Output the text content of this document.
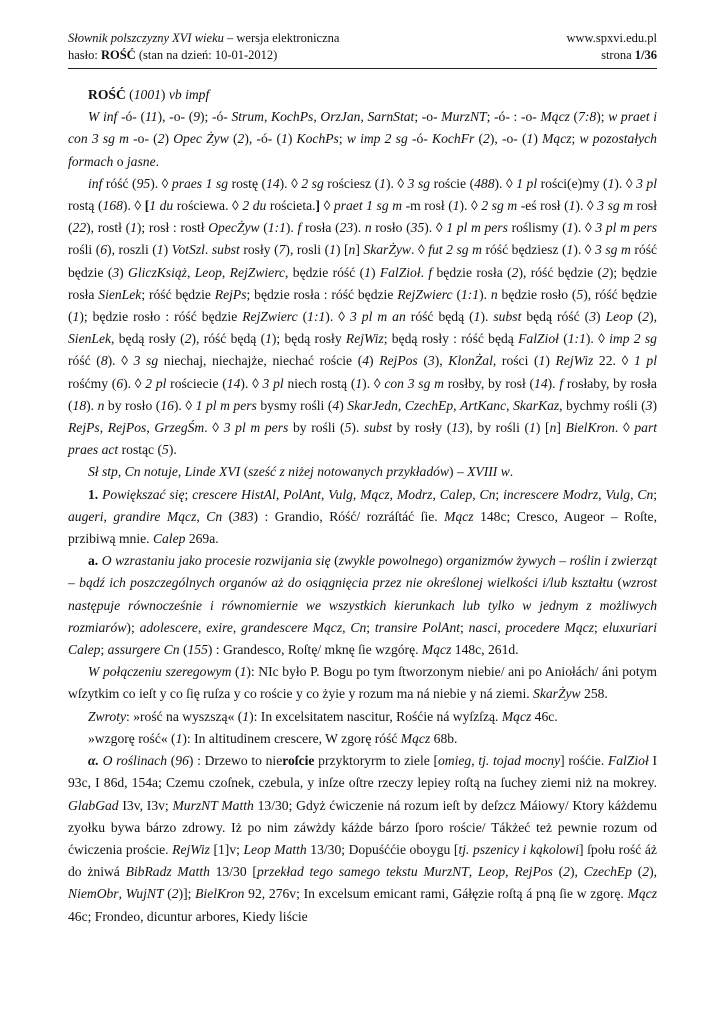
Słownik polszczyzny XVI wieku – wersja elektroniczna	www.spxvi.edu.pl
hasło: ROŚĆ (stan na dzień: 10-01-2012)	strona 1/36

ROŚĆ (1001) vb impf

W inf -ó- (11), -o- (9); -ó- Strum, KochPs, OrzJan, SarnStat; -o- MurzNT; -ó- : -o- Mącz (7:8); w praet i con 3 sg m -o- (2) Opec Żyw (2), -ó- (1) KochPs; w imp 2 sg -ó- KochFr (2), -o- (1) Mącz; w pozostałych formach o jasne.

inf róść (95). ◊ praes 1 sg rostę (14). ◊ 2 sg rościesz (1). ◊ 3 sg roście (488). ◊ 1 pl rości(e)my (1). ◊ 3 pl rostą (168). ◊ [1 du rościewa. ◊ 2 du rościeta.] ◊ praet 1 sg m -m rosł (1). ◊ 2 sg m -eś rosł (1). ◊ 3 sg m rosł (22), rostł (1); rosł : rostł OpecŻyw (1:1). f rosła (23). n rosło (35). ◊ 1 pl m pers roślismy (1). ◊ 3 pl m pers rośli (6), roszli (1) VotSzl. subst rosły (7), rosli (1) [n] SkarŻyw. ◊ fut 2 sg m róść będziesz (1). ◊ 3 sg m róść będzie (3) GliczKsiąż, Leop, RejZwierc, będzie róść (1) FalZioł. f będzie rosła (2), róść będzie (2); będzie rosła SienLek; róść będzie RejPs; będzie rosła : róść będzie RejZwierc (1:1). n będzie rosło (5), róść będzie (1); będzie rosło : róść będzie RejZwierc (1:1). ◊ 3 pl m an róść będą (1). subst będą róść (3) Leop (2), SienLek, będą rosły (2), róść będą (1); będą rosły RejWiz; będą rosły : róść będą FalZioł (1:1). ◊ imp 2 sg róść (8). ◊ 3 sg niechaj, niechajże, niechać roście (4) RejPos (3), KlonŻal, rości (1) RejWiz 22. ◊ 1 pl rośćmy (6). ◊ 2 pl rościecie (14). ◊ 3 pl niech rostą (1). ◊ con 3 sg m rosłby, by rosł (14). f rosłaby, by rosła (18). n by rosło (16). ◊ 1 pl m pers bysmy rośli (4) SkarJedn, CzechEp, ArtKanc, SkarKaz, bychmy rośli (3) RejPs, RejPos, GrzegŚm. ◊ 3 pl m pers by rośli (5). subst by rosły (13), by rośli (1) [n] BielKron. ◊ part praes act rostąc (5).

Sł stp, Cn notuje, Linde XVI (sześć z niżej notowanych przykładów) – XVIII w.

1. Powiększać się; crescere HistAl, PolAnt, Vulg, Mącz, Modrz, Calep, Cn; increscere Modrz, Vulg, Cn; augeri, grandire Mącz, Cn (383) : Grandio, Róść/ rozráſtáć ſie. Mącz 148c; Cresco, Augeor – Roſte, przibiwą mnie. Calep 269a.

a. O wzrastaniu jako procesie rozwijania się (zwykle powolnego) organizmów żywych – roślin i zwierząt – bądź ich poszczególnych organów aż do osiągnięcia przez nie określonej wielkości i/lub kształtu (wzrost następuje równocześnie i równomiernie we wszystkich kierunkach lub tylko w jednym z możliwych rozmiarów); adolescere, exire, grandescere Mącz, Cn; transire PolAnt; nasci, procedere Mącz; eluxuriari Calep; assurgere Cn (155) : Grandesco, Roſtę/ mknę ſie wzgórę. Mącz 148c, 261d.

W połączeniu szeregowym (1): NIc było P. Bogu po tym ſtworzonym niebie/ ani po Aniołách/ áni potym wſzytkim co ieſt y co ſię ruſza y co roście y co żyie y rozum ma ná niebie y ná ziemi. SkarŻyw 258.

Zwroty: »rość na wyszszą« (1): In excelsitatem nascitur, Rośćie ná wyſzſzą. Mącz 46c.

»wzgorę rość« (1): In altitudinem crescere, W zgorę róść Mącz 68b.

α. O roślinach (96) : Drzewo to nieroſcie przyktoryrm to ziele [omieg, tj. tojad mocny] rośćie. FalZioł I 93c, I 86d, 154a; Czemu czoſnek, czebula, y inſze oſtre rzeczy lepiey roſtą na ſuchey ziemi niż na mokrey. GlabGad I3v, I3v; MurzNT Matth 13/30; Gdyż ćwiczenie ná rozum ieſt by deſzcz Máiowy/ Ktory káżdemu zyołku bywa bárzo zdrowy. Iż po nim záwżdy káżde bárzo ſporo roście/ Tákżeć też pewnie rozum od ćwiczenia proście. RejWiz [1]v; Leop Matth 13/30; Dopuśććie oboygu [tj. pszenicy i kąkolowi] ſpołu rość áż do żniwá BibRadz Matth 13/30 [przekład tego samego tekstu MurzNT, Leop, RejPos (2), CzechEp (2), NiemObr, WujNT (2)]; BielKron 92, 276v; In excelsum emicant rami, Gáłęzie roſtą á pną ſie w zgorę. Mącz 46c; Frondeo, dicuntur arbores, Kiedy liście
